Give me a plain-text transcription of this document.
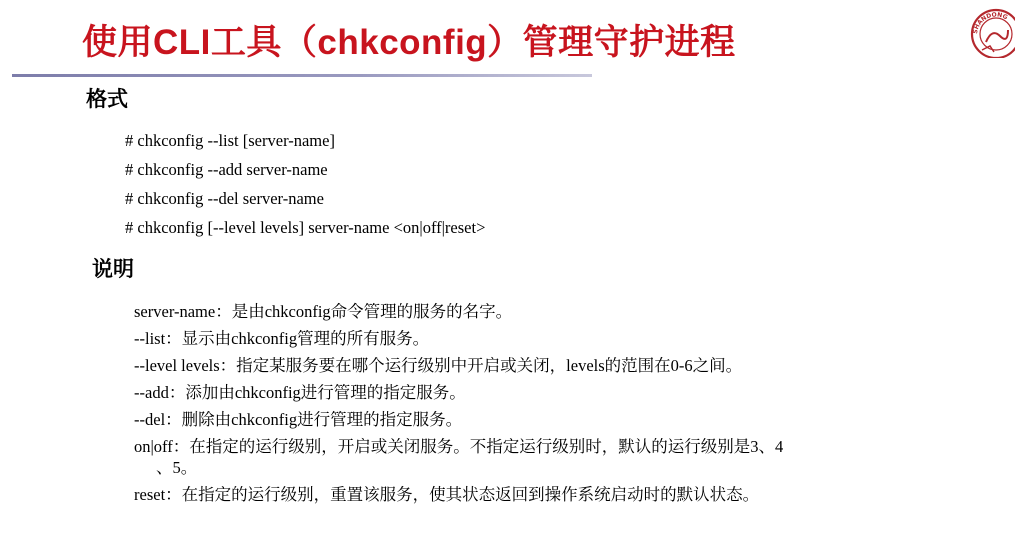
使用CLI工具（chkconfig）管理守护进程	SHANDONG
格式
# chkconfig --list [server-name]
# chkconfig --add server-name
# chkconfig --del server-name
# chkconfig [--level levels] server-name <on|off|reset>
说明
server-name：是由chkconfig命令管理的服务的名字。
--list：显示由chkconfig管理的所有服务。
--level levels：指定某服务要在哪个运行级别中开启或关闭，levels的范围在0-6之间。
--add：添加由chkconfig进行管理的指定服务。
--del：删除由chkconfig进行管理的指定服务。
on|off：在指定的运行级别，开启或关闭服务。不指定运行级别时，默认的运行级别是3、4
、5。
reset：在指定的运行级别，重置该服务，使其状态返回到操作系统启动时的默认状态。
